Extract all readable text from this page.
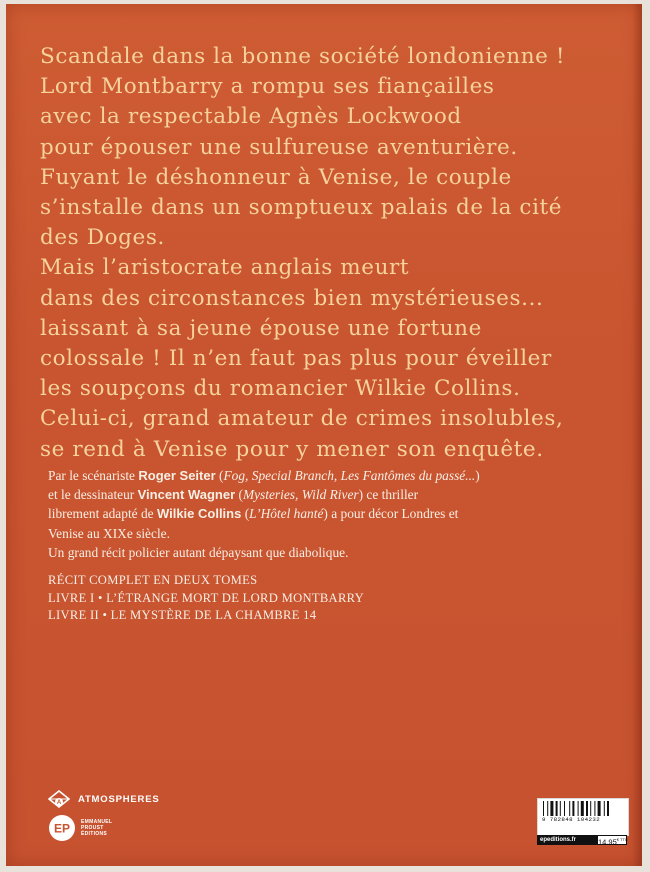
Scandale dans la bonne société londonienne !
Lord Montbarry a rompu ses fiançailles
avec la respectable Agnès Lockwood
pour épouser une sulfureuse aventurière.
Fuyant le déshonneur à Venise, le couple
s’installe dans un somptueux palais de la cité
des Doges.
Mais l’aristocrate anglais meurt
dans des circonstances bien mystérieuses...
laissant à sa jeune épouse une fortune
colossale ! Il n’en faut pas plus pour éveiller
les soupçons du romancier Wilkie Collins.
Celui-ci, grand amateur de crimes insolubles,
se rend à Venise pour y mener son enquête.
Par le scénariste Roger Seiter (Fog, Special Branch, Les Fantômes du passé...)
et le dessinateur Vincent Wagner (Mysteries, Wild River) ce thriller
librement adapté de Wilkie Collins (L’Hôtel hanté) a pour décor Londres et
Venise au XIXe siècle.
Un grand récit policier autant dépaysant que diabolique.
RÉCIT COMPLET EN DEUX TOMES
LIVRE I • L’ÉTRANGE MORT DE LORD MONTBARRY
LIVRE II • LE MYSTÈRE DE LA CHAMBRE 14
A ATMOSPHERES
EP EMMANUEL
PROUST
ÉDITIONS
9 782848 104232
epeditions.fr	$14.95^{€ TTC}$
